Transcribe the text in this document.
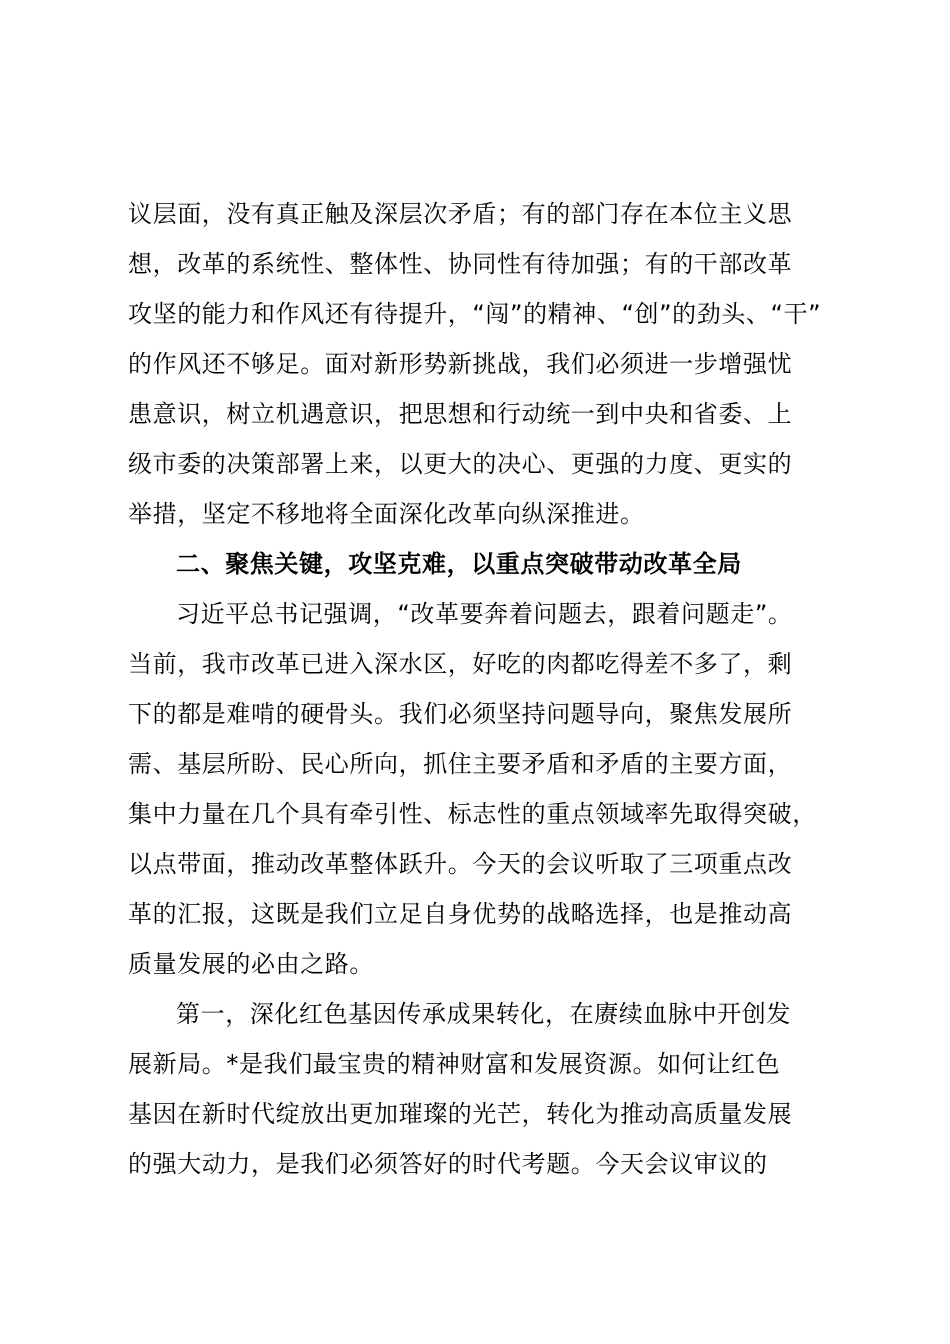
议层面，没有真正触及深层次矛盾；有的部门存在本位主义思
想，改革的系统性、整体性、协同性有待加强；有的干部改革
攻坚的能力和作风还有待提升，“闯”的精神、“创”的劲头、“干”
的作风还不够足。面对新形势新挑战，我们必须进一步增强忧
患意识，树立机遇意识，把思想和行动统一到中央和省委、上
级市委的决策部署上来，以更大的决心、更强的力度、更实的
举措，坚定不移地将全面深化改革向纵深推进。
二、聚焦关键，攻坚克难，以重点突破带动改革全局
习近平总书记强调，“改革要奔着问题去，跟着问题走”。
当前，我市改革已进入深水区，好吃的肉都吃得差不多了，剩
下的都是难啃的硬骨头。我们必须坚持问题导向，聚焦发展所
需、基层所盼、民心所向，抓住主要矛盾和矛盾的主要方面，
集中力量在几个具有牵引性、标志性的重点领域率先取得突破，
以点带面，推动改革整体跃升。今天的会议听取了三项重点改
革的汇报，这既是我们立足自身优势的战略选择，也是推动高
质量发展的必由之路。
第一，深化红色基因传承成果转化，在赓续血脉中开创发
展新局。*是我们最宝贵的精神财富和发展资源。如何让红色
基因在新时代绽放出更加璀璨的光芒，转化为推动高质量发展
的强大动力，是我们必须答好的时代考题。今天会议审议的
